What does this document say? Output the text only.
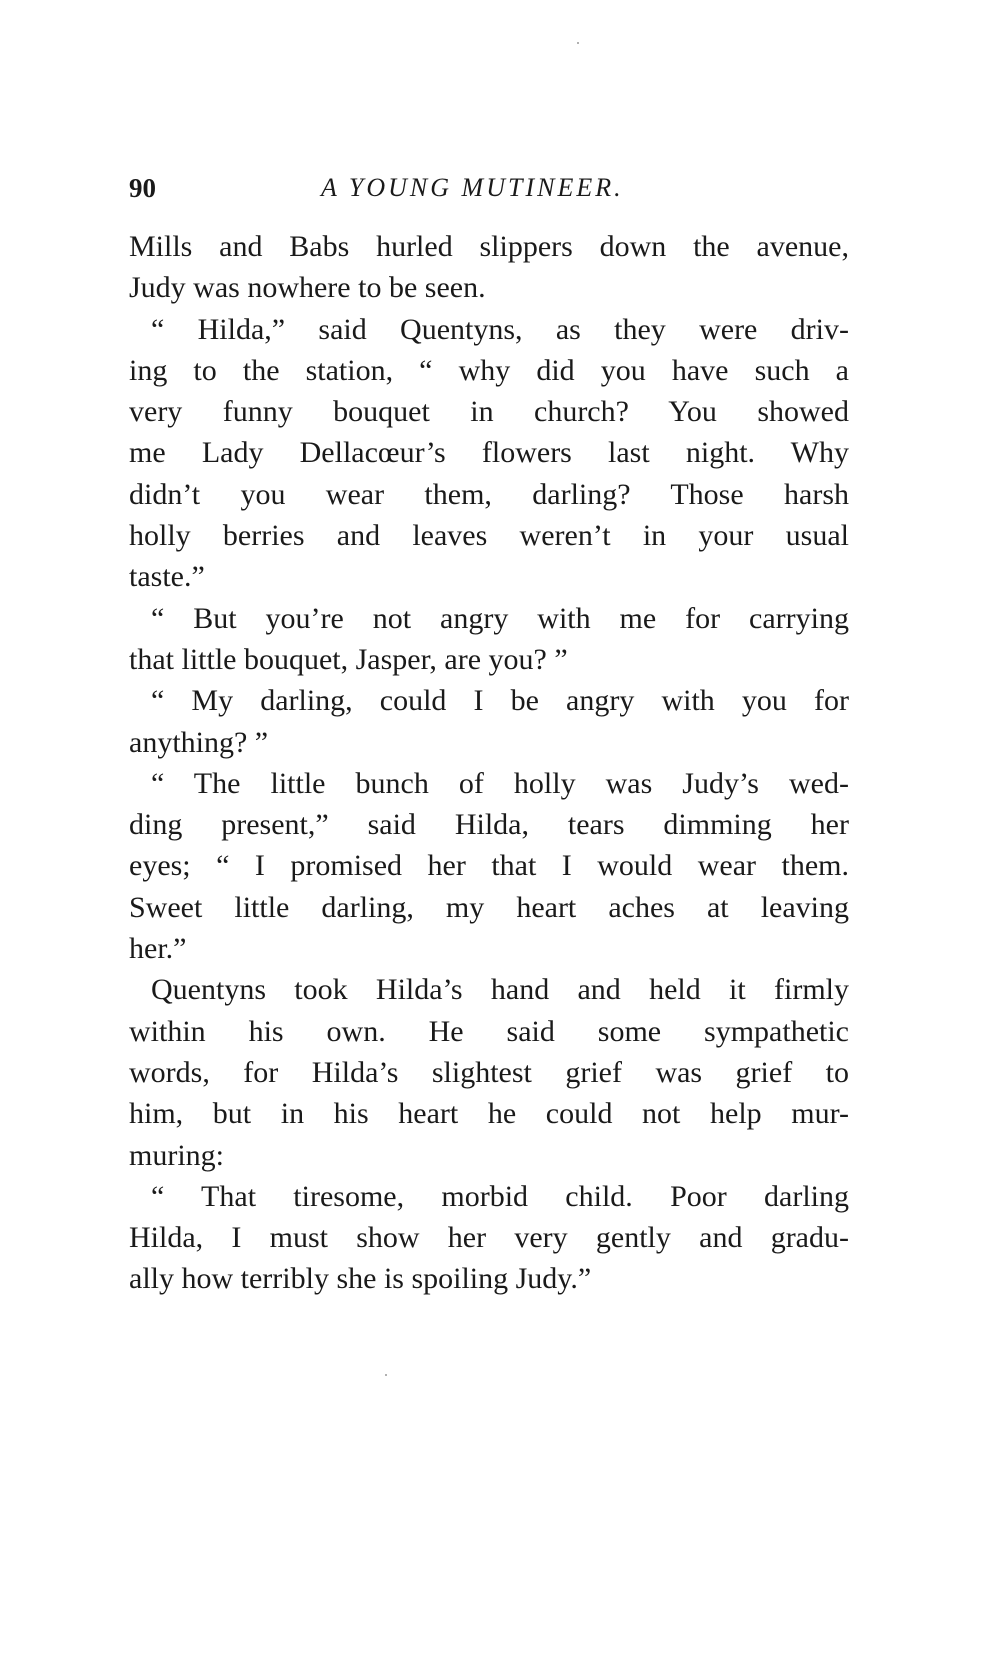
90	A YOUNG MUTINEER.
Mills and Babs hurled slippers down the avenue,
Judy was nowhere to be seen.
“ Hilda,” said Quentyns, as they were driv-
ing to the station, “ why did you have such a
very funny bouquet in church? You showed
me Lady Dellacœur’s flowers last night. Why
didn’t you wear them, darling? Those harsh
holly berries and leaves weren’t in your usual
taste.”
“ But you’re not angry with me for carrying
that little bouquet, Jasper, are you? ”
“ My darling, could I be angry with you for
anything? ”
“ The little bunch of holly was Judy’s wed-
ding present,” said Hilda, tears dimming her
eyes; “ I promised her that I would wear them.
Sweet little darling, my heart aches at leaving
her.”
Quentyns took Hilda’s hand and held it firmly
within his own. He said some sympathetic
words, for Hilda’s slightest grief was grief to
him, but in his heart he could not help mur-
muring:
“ That tiresome, morbid child. Poor darling
Hilda, I must show her very gently and gradu-
ally how terribly she is spoiling Judy.”
